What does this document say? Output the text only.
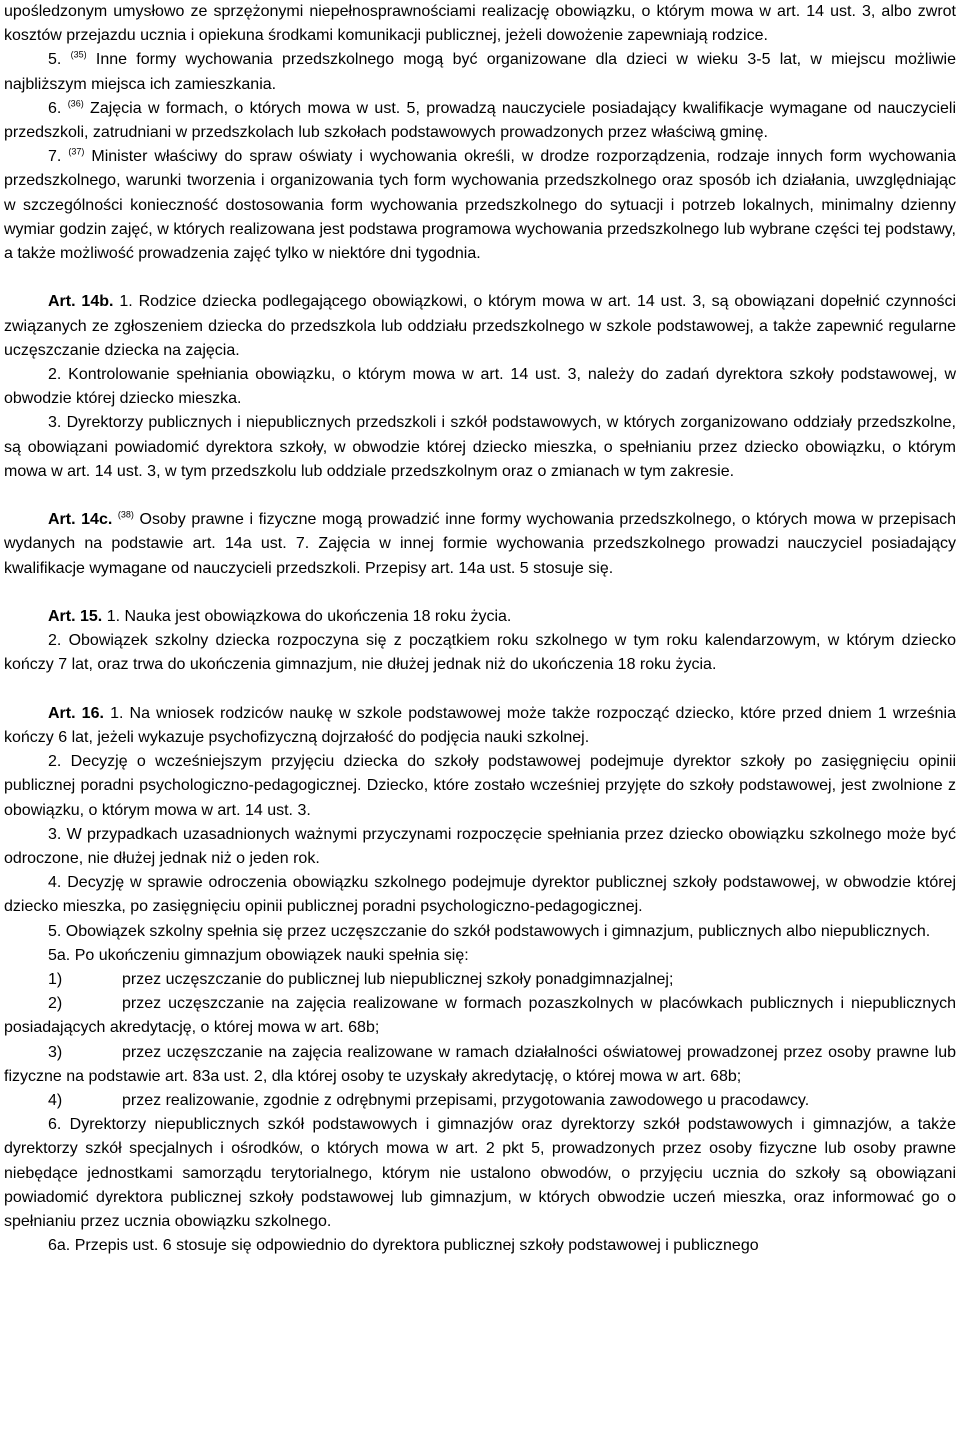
upośledzonym umysłowo ze sprzężonymi niepełnosprawnościami realizację obowiązku, o którym mowa w art. 14 ust. 3, albo zwrot kosztów przejazdu ucznia i opiekuna środkami komunikacji publicznej, jeżeli dowożenie zapewniają rodzice.

5. $^{(35)}$ Inne formy wychowania przedszkolnego mogą być organizowane dla dzieci w wieku 3-5 lat, w miejscu możliwie najbliższym miejsca ich zamieszkania.

6. $^{(36)}$ Zajęcia w formach, o których mowa w ust. 5, prowadzą nauczyciele posiadający kwalifikacje wymagane od nauczycieli przedszkoli, zatrudniani w przedszkolach lub szkołach podstawowych prowadzonych przez właściwą gminę.

7. $^{(37)}$ Minister właściwy do spraw oświaty i wychowania określi, w drodze rozporządzenia, rodzaje innych form wychowania przedszkolnego, warunki tworzenia i organizowania tych form wychowania przedszkolnego oraz sposób ich działania, uwzględniając w szczególności konieczność dostosowania form wychowania przedszkolnego do sytuacji i potrzeb lokalnych, minimalny dzienny wymiar godzin zajęć, w których realizowana jest podstawa programowa wychowania przedszkolnego lub wybrane części tej podstawy, a także możliwość prowadzenia zajęć tylko w niektóre dni tygodnia.

Art. 14b. 1. Rodzice dziecka podlegającego obowiązkowi, o którym mowa w art. 14 ust. 3, są obowiązani dopełnić czynności związanych ze zgłoszeniem dziecka do przedszkola lub oddziału przedszkolnego w szkole podstawowej, a także zapewnić regularne uczęszczanie dziecka na zajęcia.

2. Kontrolowanie spełniania obowiązku, o którym mowa w art. 14 ust. 3, należy do zadań dyrektora szkoły podstawowej, w obwodzie której dziecko mieszka.

3. Dyrektorzy publicznych i niepublicznych przedszkoli i szkół podstawowych, w których zorganizowano oddziały przedszkolne, są obowiązani powiadomić dyrektora szkoły, w obwodzie której dziecko mieszka, o spełnianiu przez dziecko obowiązku, o którym mowa w art. 14 ust. 3, w tym przedszkolu lub oddziale przedszkolnym oraz o zmianach w tym zakresie.

Art. 14c. $^{(38)}$ Osoby prawne i fizyczne mogą prowadzić inne formy wychowania przedszkolnego, o których mowa w przepisach wydanych na podstawie art. 14a ust. 7. Zajęcia w innej formie wychowania przedszkolnego prowadzi nauczyciel posiadający kwalifikacje wymagane od nauczycieli przedszkoli. Przepisy art. 14a ust. 5 stosuje się.

Art. 15. 1. Nauka jest obowiązkowa do ukończenia 18 roku życia.

2. Obowiązek szkolny dziecka rozpoczyna się z początkiem roku szkolnego w tym roku kalendarzowym, w którym dziecko kończy 7 lat, oraz trwa do ukończenia gimnazjum, nie dłużej jednak niż do ukończenia 18 roku życia.

Art. 16. 1. Na wniosek rodziców naukę w szkole podstawowej może także rozpocząć dziecko, które przed dniem 1 września kończy 6 lat, jeżeli wykazuje psychofizyczną dojrzałość do podjęcia nauki szkolnej.

2. Decyzję o wcześniejszym przyjęciu dziecka do szkoły podstawowej podejmuje dyrektor szkoły po zasięgnięciu opinii publicznej poradni psychologiczno-pedagogicznej. Dziecko, które zostało wcześniej przyjęte do szkoły podstawowej, jest zwolnione z obowiązku, o którym mowa w art. 14 ust. 3.

3. W przypadkach uzasadnionych ważnymi przyczynami rozpoczęcie spełniania przez dziecko obowiązku szkolnego może być odroczone, nie dłużej jednak niż o jeden rok.

4. Decyzję w sprawie odroczenia obowiązku szkolnego podejmuje dyrektor publicznej szkoły podstawowej, w obwodzie której dziecko mieszka, po zasięgnięciu opinii publicznej poradni psychologiczno-pedagogicznej.

5. Obowiązek szkolny spełnia się przez uczęszczanie do szkół podstawowych i gimnazjum, publicznych albo niepublicznych.

5a. Po ukończeniu gimnazjum obowiązek nauki spełnia się:

1)	przez uczęszczanie do publicznej lub niepublicznej szkoły ponadgimnazjalnej;

2)	przez uczęszczanie na zajęcia realizowane w formach pozaszkolnych w placówkach publicznych i niepublicznych posiadających akredytację, o której mowa w art. 68b;

3)	przez uczęszczanie na zajęcia realizowane w ramach działalności oświatowej prowadzonej przez osoby prawne lub fizyczne na podstawie art. 83a ust. 2, dla której osoby te uzyskały akredytację, o której mowa w art. 68b;

4)	przez realizowanie, zgodnie z odrębnymi przepisami, przygotowania zawodowego u pracodawcy.

6. Dyrektorzy niepublicznych szkół podstawowych i gimnazjów oraz dyrektorzy szkół podstawowych i gimnazjów, a także dyrektorzy szkół specjalnych i ośrodków, o których mowa w art. 2 pkt 5, prowadzonych przez osoby fizyczne lub osoby prawne niebędące jednostkami samorządu terytorialnego, którym nie ustalono obwodów, o przyjęciu ucznia do szkoły są obowiązani powiadomić dyrektora publicznej szkoły podstawowej lub gimnazjum, w których obwodzie uczeń mieszka, oraz informować go o spełnianiu przez ucznia obowiązku szkolnego.

6a. Przepis ust. 6 stosuje się odpowiednio do dyrektora publicznej szkoły podstawowej i publicznego
